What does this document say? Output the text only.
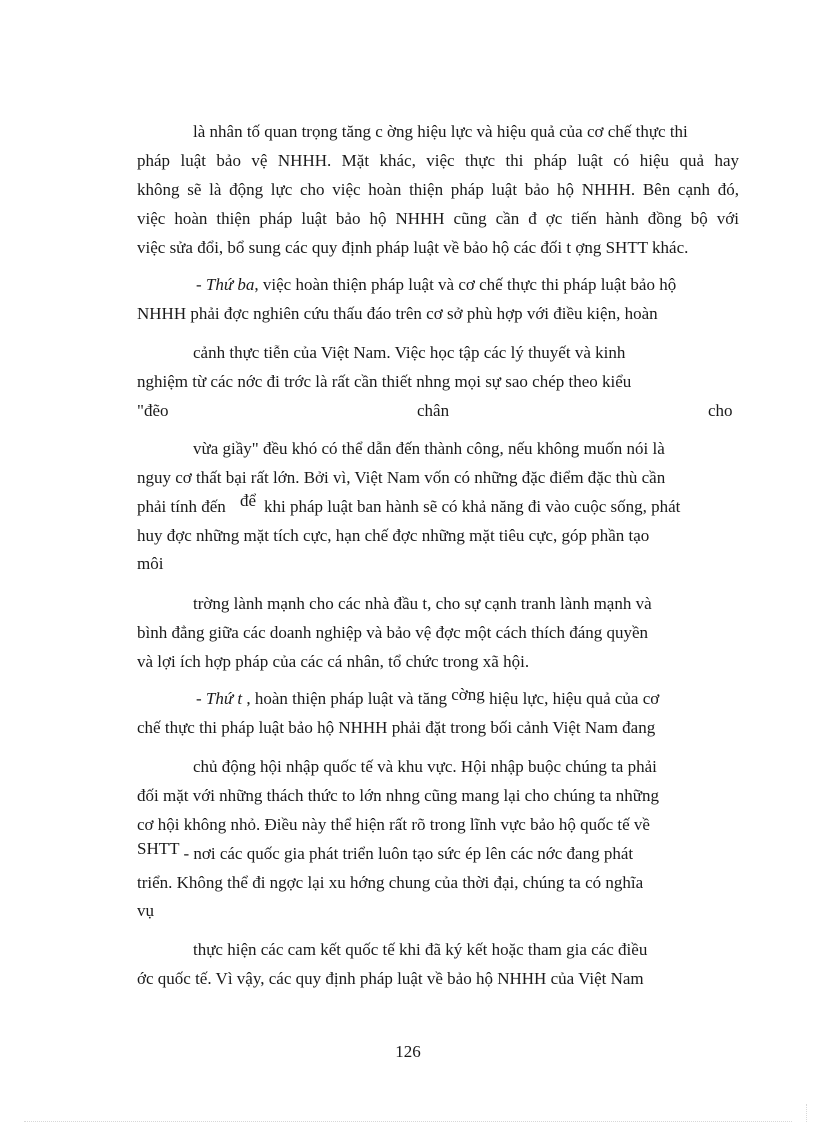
là nhân tố quan trọng tăng c ờng hiệu lực và hiệu quả của cơ chế thực thi
pháp luật bảo vệ NHHH. Mặt khác, việc thực thi pháp luật có hiệu quả hay
không sẽ là động lực cho việc hoàn thiện pháp luật bảo hộ NHHH. Bên cạnh đó,
việc hoàn thiện pháp luật bảo hộ NHHH cũng cần đ ợc tiến hành đồng bộ với
việc sửa đổi, bổ sung các quy định pháp luật về bảo hộ các đối t ợng SHTT khác.
- Thứ ba, việc hoàn thiện pháp luật và cơ chế thực thi pháp luật bảo hộ
NHHH phải đợc nghiên cứu thấu đáo trên cơ sở phù hợp với điều kiện, hoàn
cảnh thực tiễn của Việt Nam. Việc học tập các lý thuyết và kinh
nghiệm từ các nớc đi trớc là rất cần thiết nhng mọi sự sao chép theo kiểu
"đẽo	chân	cho
vừa giầy" đều khó có thể dẫn đến thành công, nếu không muốn nói là
nguy cơ thất bại rất lớn. Bởi vì, Việt Nam vốn có những đặc điểm đặc thù cần
phải tính đến để khi pháp luật ban hành sẽ có khả năng đi vào cuộc sống, phát
huy đợc những mặt tích cực, hạn chế đợc những mặt tiêu cực, góp phần tạo
môi
trờng lành mạnh cho các nhà đầu t, cho sự cạnh tranh lành mạnh và
bình đẳng giữa các doanh nghiệp và bảo vệ đợc một cách thích đáng quyền
và lợi ích hợp pháp của các cá nhân, tổ chức trong xã hội.
- Thứ t , hoàn thiện pháp luật và tăng cờng hiệu lực, hiệu quả của cơ
chế thực thi pháp luật bảo hộ NHHH phải đặt trong bối cảnh Việt Nam đang
chủ động hội nhập quốc tế và khu vực. Hội nhập buộc chúng ta phải
đối mặt với những thách thức to lớn nhng cũng mang lại cho chúng ta những
cơ hội không nhỏ. Điều này thể hiện rất rõ trong lĩnh vực bảo hộ quốc tế về
SHTT - nơi các quốc gia phát triển luôn tạo sức ép lên các nớc đang phát
triển. Không thể đi ngợc lại xu hớng chung của thời đại, chúng ta có nghĩa
vụ
thực hiện các cam kết quốc tế khi đã ký kết hoặc tham gia các điều
ớc quốc tế. Vì vậy, các quy định pháp luật về bảo hộ NHHH của Việt Nam
126
